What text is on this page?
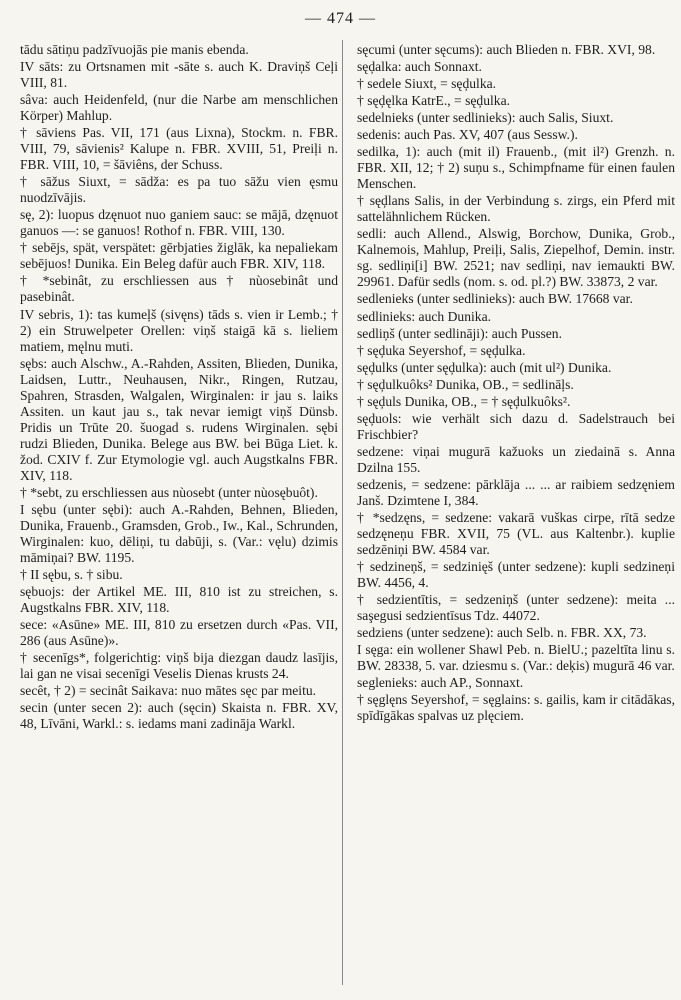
— 474 —

tādu sātiņu padzīvuojās pie manis ebenda.

IV sāts: zu Ortsnamen mit -sāte s. auch K. Draviņš Ceļi VIII, 81.

sâva: auch Heidenfeld, (nur die Narbe am menschlichen Körper) Mahlup.

† sāviens Pas. VII, 171 (aus Lixna), Stockm. n. FBR. VIII, 79, sāvienis² Kalupe n. FBR. XVIII, 51, Preiļi n. FBR. VIII, 10, = šāviêns, der Schuss.

† sāžus Siuxt, = sādža: es pa tuo sāžu vien ęsmu nuodzīvājis.

sę, 2): luopus dzęnuot nuo ganiem sauc: se mājā, dzęnuot ganuos —: se ganuos! Rothof n. FBR. VIII, 130.

† sebējs, spät, verspätet: gērbjaties žiglāk, ka nepaliekam sebējuos! Dunika. Ein Beleg dafür auch FBR. XIV, 118.

† *sebinât, zu erschliessen aus † nùosebinât und pasebinât.

IV sebris, 1): tas kumeļš (sivęns) tāds s. vien ir Lemb.; † 2) ein Struwelpeter Orellen: viņš staigā kā s. lieliem matiem, męlnu muti.

sębs: auch Alschw., A.-Rahden, Assiten, Blieden, Dunika, Laidsen, Luttr., Neuhausen, Nikr., Ringen, Rutzau, Spahren, Strasden, Walgalen, Wirginalen: ir jau s. laiks Assiten. un kaut jau s., tak nevar iemigt viņš Dünsb. Pridis un Trūte 20. šuogad s. rudens Wirginalen. sębi rudzi Blieden, Dunika. Belege aus BW. bei Būga Liet. k. žod. CXIV f. Zur Etymologie vgl. auch Augstkalns FBR. XIV, 118.

† *sebt, zu erschliessen aus nùosebt (unter nùosębuôt).

I sębu (unter sębi): auch A.-Rahden, Behnen, Blieden, Dunika, Frauenb., Gramsden, Grob., Iw., Kal., Schrunden, Wirginalen: kuo, dēliņi, tu dabūji, s. (Var.: vęlu) dzimis māmiņai? BW. 1195.

† II sębu, s. † sibu.

sębuojs: der Artikel ME. III, 810 ist zu streichen, s. Augstkalns FBR. XIV, 118.

sece: «Asūne» ME. III, 810 zu ersetzen durch «Pas. VII, 286 (aus Asūne)».

† secenīgs*, folgerichtig: viņš bija diezgan daudz lasījis, lai gan ne visai secenīgi Veselis Dienas krusts 24.

secêt, † 2) = secinât Saikava: nuo mātes sęc par meitu.

secin (unter secen 2): auch (sęcin) Skaista n. FBR. XV, 48, Līvāni, Warkl.: s. iedams mani zadināja Warkl.

sęcumi (unter sęcums): auch Blieden n. FBR. XVI, 98.

sęḑalka: auch Sonnaxt.

† sedele Siuxt, = sęḑulka.

† sęḑęlka KatrE., = sęḑulka.

sedelnieks (unter sedlinieks): auch Salis, Siuxt.

sedenis: auch Pas. XV, 407 (aus Sessw.).

sedilka, 1): auch (mit il) Frauenb., (mit il²) Grenzh. n. FBR. XII, 12; † 2) suņu s., Schimpfname für einen faulen Menschen.

† sęḑlans Salis, in der Verbindung s. zirgs, ein Pferd mit sattelähnlichem Rücken.

sedli: auch Allend., Alswig, Borchow, Dunika, Grob., Kalnemois, Mahlup, Preiļi, Salis, Ziepelhof, Demin. instr. sg. sedliņi[i] BW. 2521; nav sedliņi, nav iemaukti BW. 29961. Dafür sedls (nom. s. od. pl.?) BW. 33873, 2 var.

sedlenieks (unter sedlinieks): auch BW. 17668 var.

sedlinieks: auch Dunika.

sedliņš (unter sedlināji): auch Pussen.

† sęḑuka Seyershof, = sęḑulka.

sęḑulks (unter sęḑulka): auch (mit ul²) Dunika.

† sęḑulkuôks² Dunika, OB., = sedlināļs.

† sęḑuls Dunika, OB., = † sęḑulkuôks².

sęḑuols: wie verhält sich dazu d. Sadelstrauch bei Frischbier?

sedzene: viņai mugurā kažuoks un ziedainā s. Anna Dzilna 155.

sedzenis, = sedzene: pārklāja ... ... ar raibiem sedzęniem Janš. Dzimtene I, 384.

† *sedzęns, = sedzene: vakarā vuškas cirpe, rītā sedze sedzęneņu FBR. XVII, 75 (VL. aus Kaltenbr.). kuplie sedzēniņi BW. 4584 var.

† sedzineņš, = sedzinięš (unter sedzene): kupli sedzineņi BW. 4456, 4.

† sedzientītis, = sedzeniņš (unter sedzene): meita ... saşegusi sedzientīsus Tdz. 44072.

sedziens (unter sedzene): auch Selb. n. FBR. XX, 73.

I sęga: ein wollener Shawl Peb. n. BielU.; pazeltīta linu s. BW. 28338, 5. var. dziesmu s. (Var.: deķis) mugurā 46 var.

seglenieks: auch AP., Sonnaxt.

† sęglęns Seyershof, = sęglains: s. gailis, kam ir citādākas, spīdīgākas spalvas uz plęciem.
